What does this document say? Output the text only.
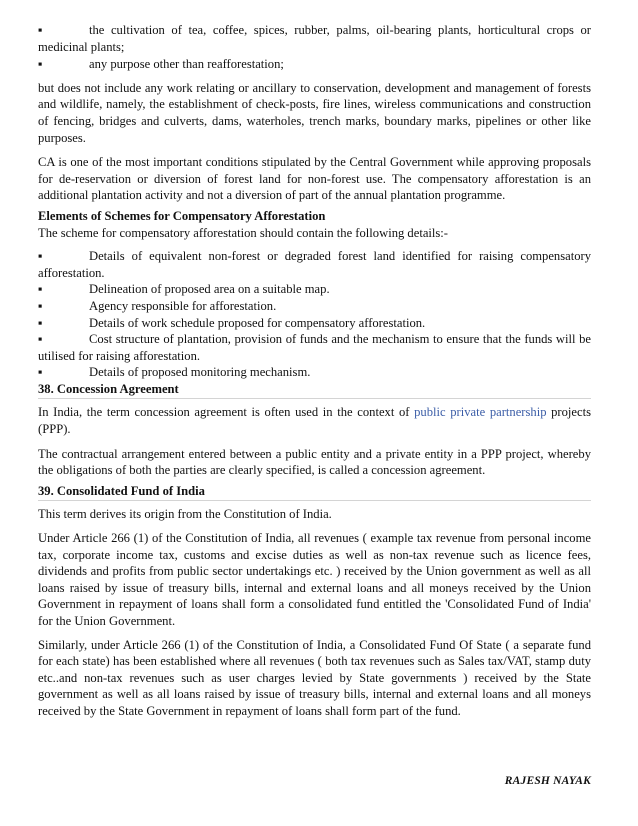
▪	the cultivation of tea, coffee, spices, rubber, palms, oil-bearing plants, horticultural crops or medicinal plants;
▪	any purpose other than reafforestation;

but does not include any work relating or ancillary to conservation, development and management of forests and wildlife, namely, the establishment of check-posts, fire lines, wireless communications and construction of fencing, bridges and culverts, dams, waterholes, trench marks, boundary marks, pipelines or other like purposes.

CA is one of the most important conditions stipulated by the Central Government while approving proposals for de-reservation or diversion of forest land for non-forest use. The compensatory afforestation is an additional plantation activity and not a diversion of part of the annual plantation programme.

Elements of Schemes for Compensatory Afforestation

The scheme for compensatory afforestation should contain the following details:-

▪	Details of equivalent non-forest or degraded forest land identified for raising compensatory afforestation.
▪	Delineation of proposed area on a suitable map.
▪	Agency responsible for afforestation.
▪	Details of work schedule proposed for compensatory afforestation.
▪	Cost structure of plantation, provision of funds and the mechanism to ensure that the funds will be utilised for raising afforestation.
▪	Details of proposed monitoring mechanism.
38. Concession Agreement

In India, the term concession agreement is often used in the context of public private partnership projects (PPP).

The contractual arrangement entered between a public entity and a private entity in a PPP project, whereby the obligations of both the parties are clearly specified, is called a concession agreement.

39. Consolidated Fund of India

This term derives its origin from the Constitution of India.

Under Article 266 (1) of the Constitution of India, all revenues ( example tax revenue from personal income tax, corporate income tax, customs and excise duties as well as non-tax revenue such as licence fees, dividends and profits from public sector undertakings etc. ) received by the Union government as well as all loans raised by issue of treasury bills, internal and external loans and all moneys received by the Union Government in repayment of loans shall form a consolidated fund entitled the 'Consolidated Fund of India' for the Union Government.

Similarly, under Article 266 (1) of the Constitution of India, a Consolidated Fund Of State ( a separate fund for each state) has been established where all revenues ( both tax revenues such as Sales tax/VAT, stamp duty etc..and non-tax revenues such as user charges levied by State governments ) received by the State government as well as all loans raised by issue of treasury bills, internal and external loans and all moneys received by the State Government in repayment of loans shall form part of the fund.

RAJESH NAYAK
